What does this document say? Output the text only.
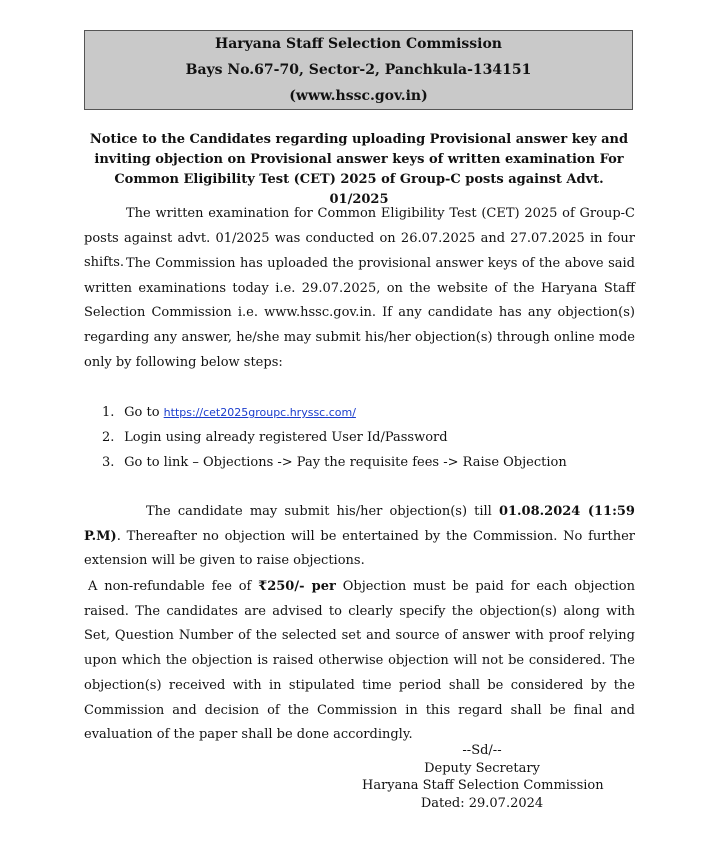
Haryana Staff Selection Commission
Bays No.67-70, Sector-2, Panchkula-134151
(www.hssc.gov.in)
Notice to the Candidates regarding uploading Provisional answer key and inviting objection on Provisional answer keys of written examination For Common Eligibility Test (CET) 2025 of Group-C posts against Advt. 01/2025

The written examination for Common Eligibility Test (CET) 2025 of Group-C posts against advt. 01/2025 was conducted on 26.07.2025 and 27.07.2025 in four shifts. The Commission has uploaded the provisional answer keys of the above said written examinations today i.e. 29.07.2025, on the website of the Haryana Staff Selection Commission i.e. www.hssc.gov.in. If any candidate has any objection(s) regarding any answer, he/she may submit his/her objection(s) through online mode only by following below steps:

1. Go to https://cet2025groupc.hryssc.com/
2. Login using already registered User Id/Password
3. Go to link – Objections -> Pay the requisite fees -> Raise Objection

The candidate may submit his/her objection(s) till 01.08.2024 (11:59 P.M). Thereafter no objection will be entertained by the Commission. No further extension will be given to raise objections.

A non-refundable fee of ₹250/- per Objection must be paid for each objection raised. The candidates are advised to clearly specify the objection(s) along with Set, Question Number of the selected set and source of answer with proof relying upon which the objection is raised otherwise objection will not be considered. The objection(s) received with in stipulated time period shall be considered by the Commission and decision of the Commission in this regard shall be final and evaluation of the paper shall be done accordingly.

--Sd/--
Deputy Secretary
Haryana Staff Selection Commission
Dated: 29.07.2024
